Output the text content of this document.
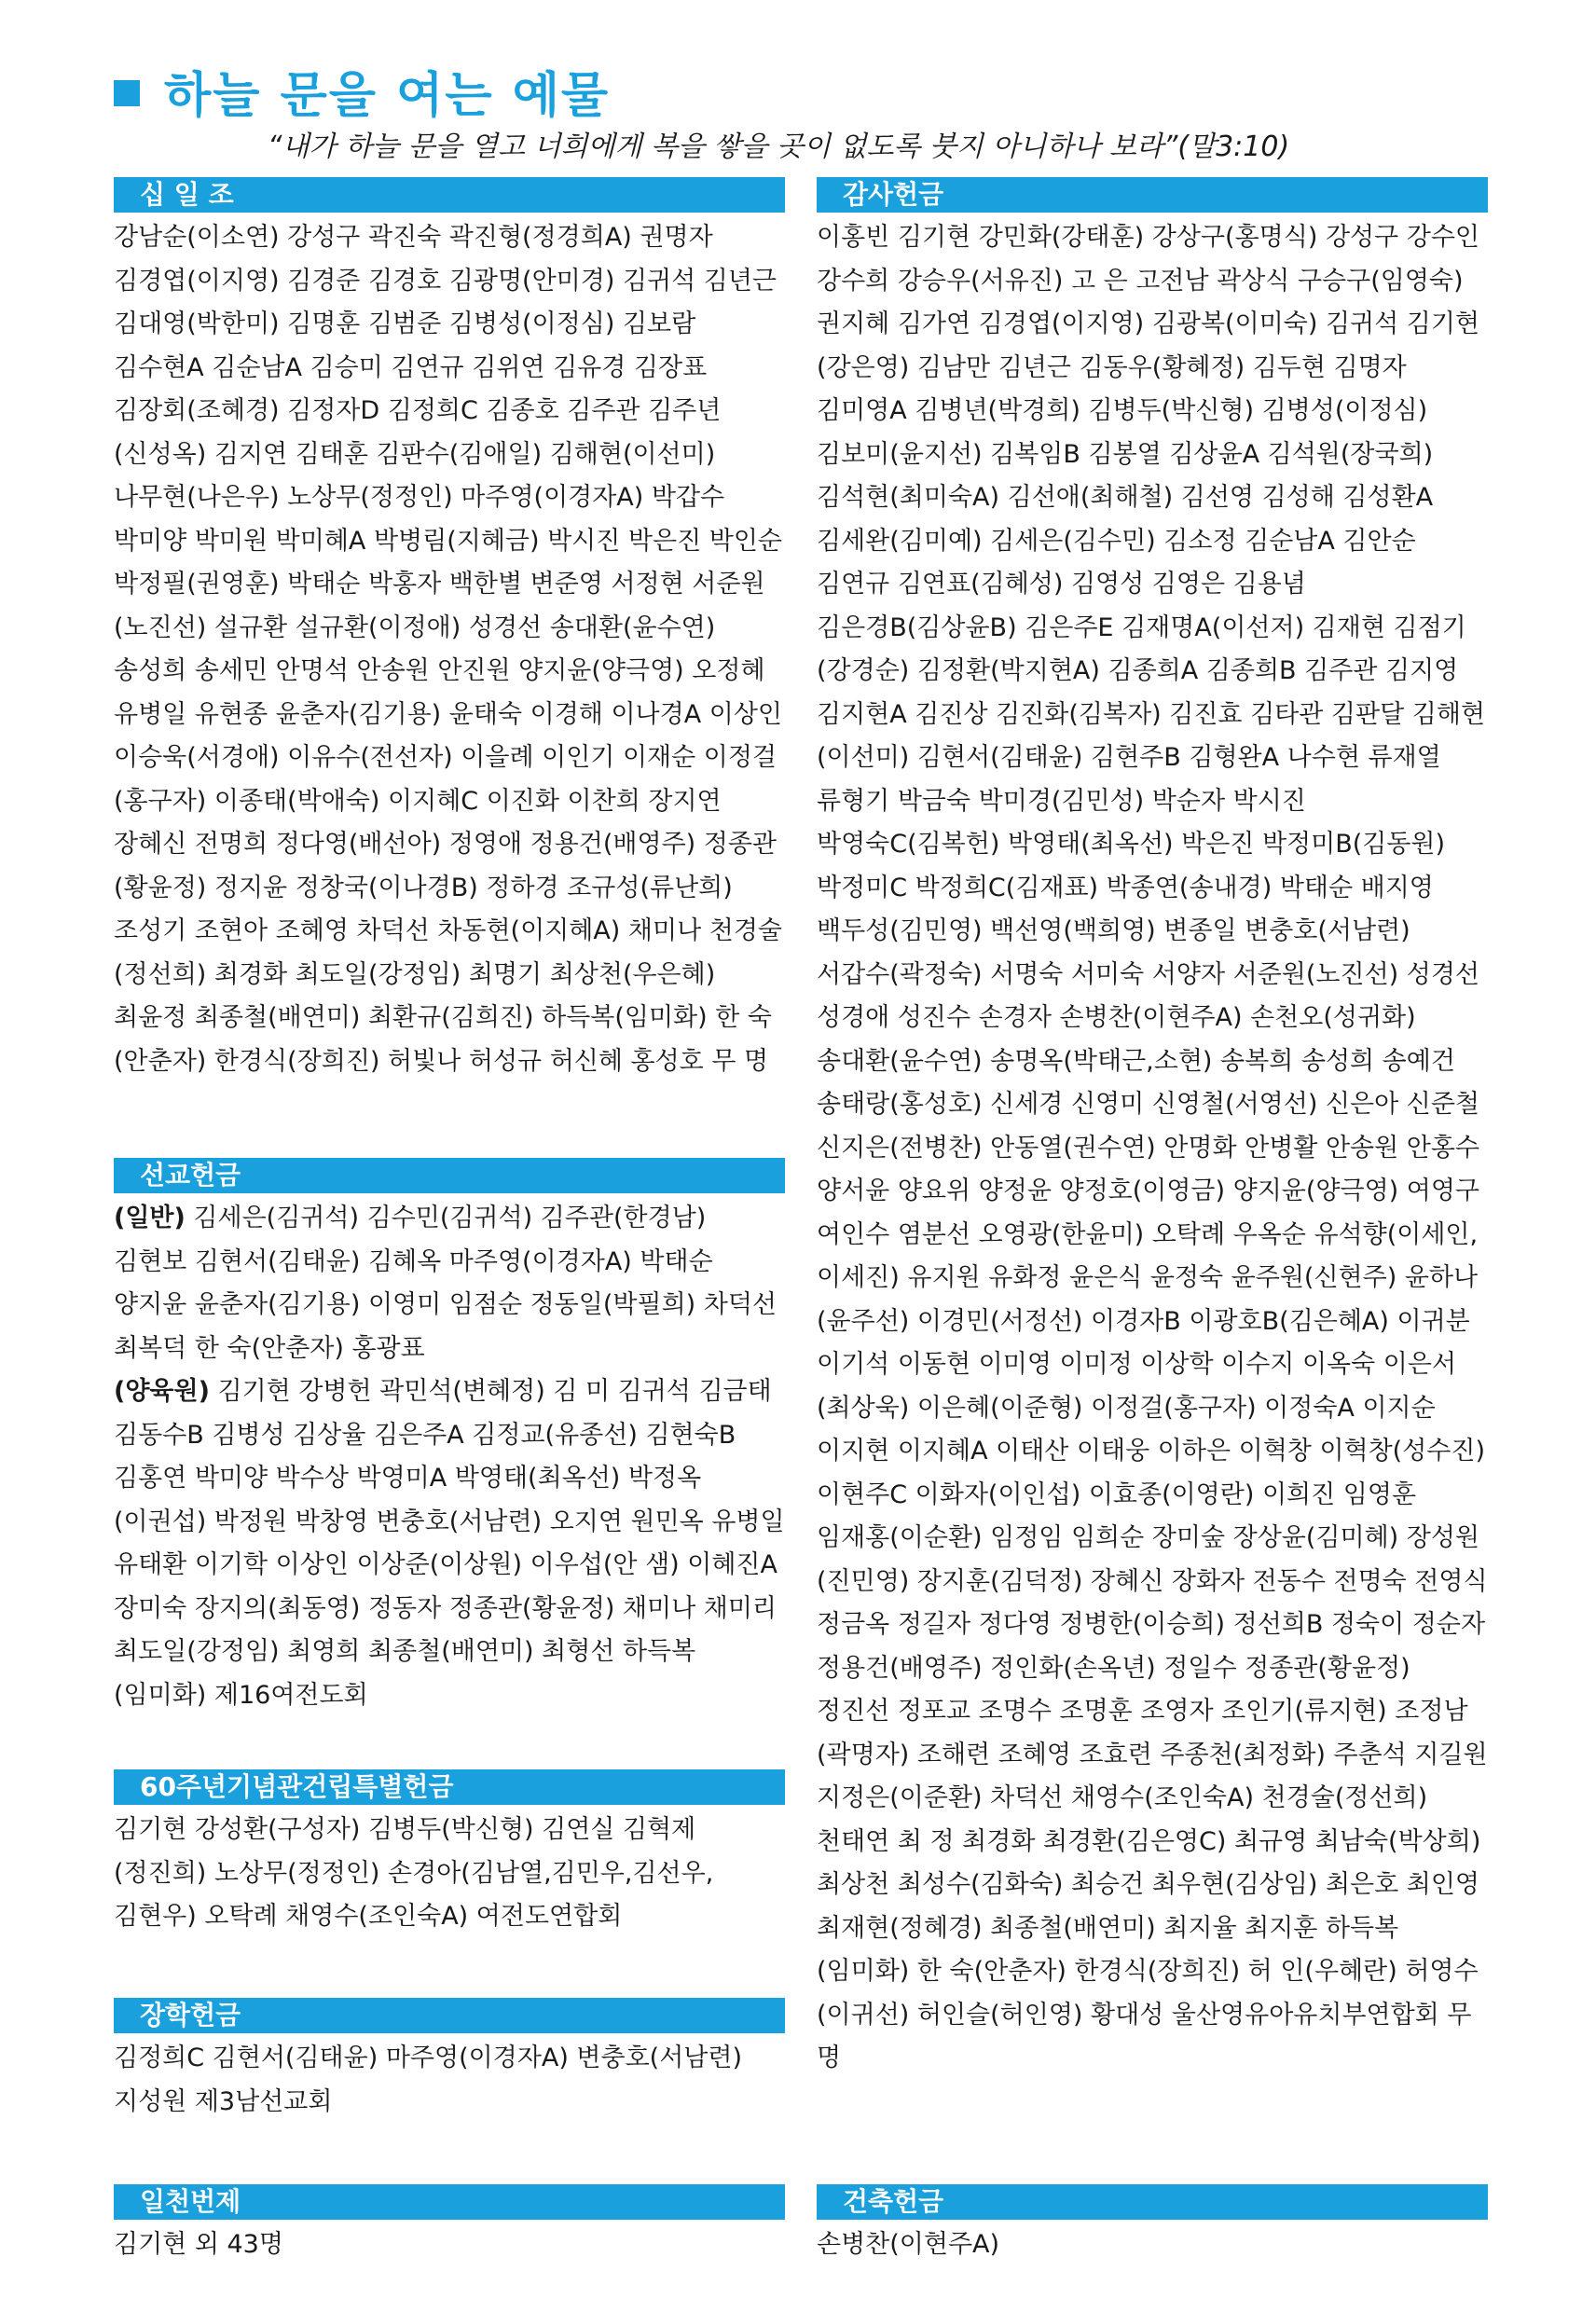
하늘 문을 여는 예물
“내가 하늘 문을 열고 너희에게 복을 쌓을 곳이 없도록 붓지 아니하나 보라”(말3:10)
십 일 조

강남순(이소연) 강성구 곽진숙 곽진형(정경희A) 권명자 김경엽(이지영) 김경준 김경호 김광명(안미경) 김귀석 김년근 김대영(박한미) 김명훈 김범준 김병성(이정심) 김보람 김수현A 김순남A 김승미 김연규 김위연 김유경 김장표 김장회(조혜경) 김정자D 김정희C 김종호 김주관 김주년(신성옥) 김지연 김태훈 김판수(김애일) 김해현(이선미) 나무현(나은우) 노상무(정정인) 마주영(이경자A) 박갑수 박미양 박미원 박미혜A 박병림(지혜금) 박시진 박은진 박인순 박정필(권영훈) 박태순 박홍자 백한별 변준영 서정현 서준원(노진선) 설규환 설규환(이정애) 성경선 송대환(윤수연) 송성희 송세민 안명석 안송원 안진원 양지윤(양극영) 오정혜 유병일 유현종 윤춘자(김기용) 윤태숙 이경해 이나경A 이상인 이승욱(서경애) 이유수(전선자) 이을례 이인기 이재순 이정걸(홍구자) 이종태(박애숙) 이지혜C 이진화 이찬희 장지연 장혜신 전명희 정다영(배선아) 정영애 정용건(배영주) 정종관(황윤정) 정지윤 정창국(이나경B) 정하경 조규성(류난희) 조성기 조현아 조혜영 차덕선 차동현(이지혜A) 채미나 천경술(정선희) 최경화 최도일(강정임) 최명기 최상천(우은혜) 최윤정 최종철(배연미) 최환규(김희진) 하득복(임미화) 한 숙(안춘자) 한경식(장희진) 허빛나 허성규 허신혜 홍성호 무 명

선교헌금

(일반) 김세은(김귀석) 김수민(김귀석) 김주관(한경남) 김현보 김현서(김태윤) 김혜옥 마주영(이경자A) 박태순 양지윤 윤춘자(김기용) 이영미 임점순 정동일(박필희) 차덕선 최복덕 한 숙(안춘자) 홍광표

(양육원) 김기현 강병헌 곽민석(변혜정) 김 미 김귀석 김금태 김동수B 김병성 김상율 김은주A 김정교(유종선) 김현숙B 김홍연 박미양 박수상 박영미A 박영태(최옥선) 박정옥(이권섭) 박정원 박창영 변충호(서남련) 오지연 원민옥 유병일 유태환 이기학 이상인 이상준(이상원) 이우섭(안 샘) 이혜진A 장미숙 장지의(최동영) 정동자 정종관(황윤정) 채미나 채미리 최도일(강정임) 최영희 최종철(배연미) 최형선 하득복(임미화) 제16여전도회

60주년기념관건립특별헌금

김기현 강성환(구성자) 김병두(박신형) 김연실 김혁제(정진희) 노상무(정정인) 손경아(김남열,김민우,김선우,김현우) 오탁례 채영수(조인숙A) 여전도연합회

장학헌금

김정희C 김현서(김태윤) 마주영(이경자A) 변충호(서남련) 지성원 제3남선교회

일천번제

김기현 외 43명

감사헌금

이홍빈 김기현 강민화(강태훈) 강상구(홍명식) 강성구 강수인 강수희 강승우(서유진) 고 은 고전남 곽상식 구승구(임영숙) 권지혜 김가연 김경엽(이지영) 김광복(이미숙) 김귀석 김기현(강은영) 김남만 김년근 김동우(황혜정) 김두현 김명자 김미영A 김병년(박경희) 김병두(박신형) 김병성(이정심) 김보미(윤지선) 김복임B 김봉열 김상윤A 김석원(장국희) 김석현(최미숙A) 김선애(최해철) 김선영 김성해 김성환A 김세완(김미예) 김세은(김수민) 김소정 김순남A 김안순 김연규 김연표(김혜성) 김영성 김영은 김용념 김은경B(김상윤B) 김은주E 김재명A(이선저) 김재현 김점기(강경순) 김정환(박지현A) 김종희A 김종희B 김주관 김지영 김지현A 김진상 김진화(김복자) 김진효 김타관 김판달 김해현(이선미) 김현서(김태윤) 김현주B 김형완A 나수현 류재열 류형기 박금숙 박미경(김민성) 박순자 박시진 박영숙C(김복헌) 박영태(최옥선) 박은진 박정미B(김동원) 박정미C 박정희C(김재표) 박종연(송내경) 박태순 배지영 백두성(김민영) 백선영(백희영) 변종일 변충호(서남련) 서갑수(곽정숙) 서명숙 서미숙 서양자 서준원(노진선) 성경선 성경애 성진수 손경자 손병찬(이현주A) 손천오(성귀화) 송대환(윤수연) 송명옥(박태근,소현) 송복희 송성희 송예건 송태랑(홍성호) 신세경 신영미 신영철(서영선) 신은아 신준철 신지은(전병찬) 안동열(권수연) 안명화 안병활 안송원 안홍수 양서윤 양요위 양정윤 양정호(이영금) 양지윤(양극영) 여영구 여인수 염분선 오영광(한윤미) 오탁례 우옥순 유석향(이세인,이세진) 유지원 유화정 윤은식 윤정숙 윤주원(신현주) 윤하나(윤주선) 이경민(서정선) 이경자B 이광호B(김은혜A) 이귀분 이기석 이동현 이미영 이미정 이상학 이수지 이옥숙 이은서(최상욱) 이은혜(이준형) 이정걸(홍구자) 이정숙A 이지순 이지현 이지혜A 이태산 이태웅 이하은 이혁창 이혁창(성수진) 이현주C 이화자(이인섭) 이효종(이영란) 이희진 임영훈 임재홍(이순환) 임정임 임희순 장미숲 장상윤(김미혜) 장성원(진민영) 장지훈(김덕정) 장혜신 장화자 전동수 전명숙 전영식 정금옥 정길자 정다영 정병한(이승희) 정선희B 정숙이 정순자 정용건(배영주) 정인화(손옥년) 정일수 정종관(황윤정) 정진선 정포교 조명수 조명훈 조영자 조인기(류지현) 조정남(곽명자) 조해련 조혜영 조효련 주종천(최정화) 주춘석 지길원 지정은(이준환) 차덕선 채영수(조인숙A) 천경술(정선희) 천태연 최 정 최경화 최경환(김은영C) 최규영 최남숙(박상희) 최상천 최성수(김화숙) 최승건 최우현(김상임) 최은호 최인영 최재현(정혜경) 최종철(배연미) 최지율 최지훈 하득복(임미화) 한 숙(안춘자) 한경식(장희진) 허 인(우혜란) 허영수(이귀선) 허인슬(허인영) 황대성 울산영유아유치부연합회 무 명

건축헌금

손병찬(이현주A)
